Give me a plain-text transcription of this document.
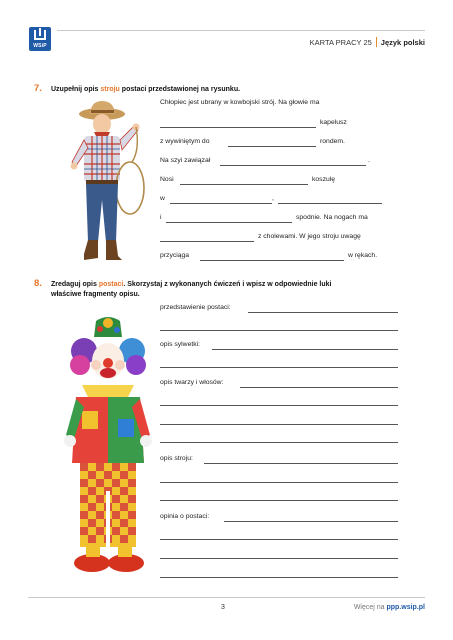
WSiP	KARTA PRACY 25 Język polski
7. Uzupełnij opis stroju postaci przedstawionej na rysunku.
Chłopiec jest ubrany w kowbojski strój. Na głowie ma
kapelusz
z wywiniętym do	rondem.
Na szyi zawiązał	.
Nosi	koszulę
w	,
i	spodnie. Na nogach ma
z cholewami. W jego stroju uwagę
przyciąga	w rękach.
8. Zredaguj opis postaci. Skorzystaj z wykonanych ćwiczeń i wpisz w odpowiednie luki
właściwe fragmenty opisu.
przedstawienie postaci:
opis sylwetki:
opis twarzy i włosów:
opis stroju:
opinia o postaci:
3	Więcej na ppp.wsip.pl
